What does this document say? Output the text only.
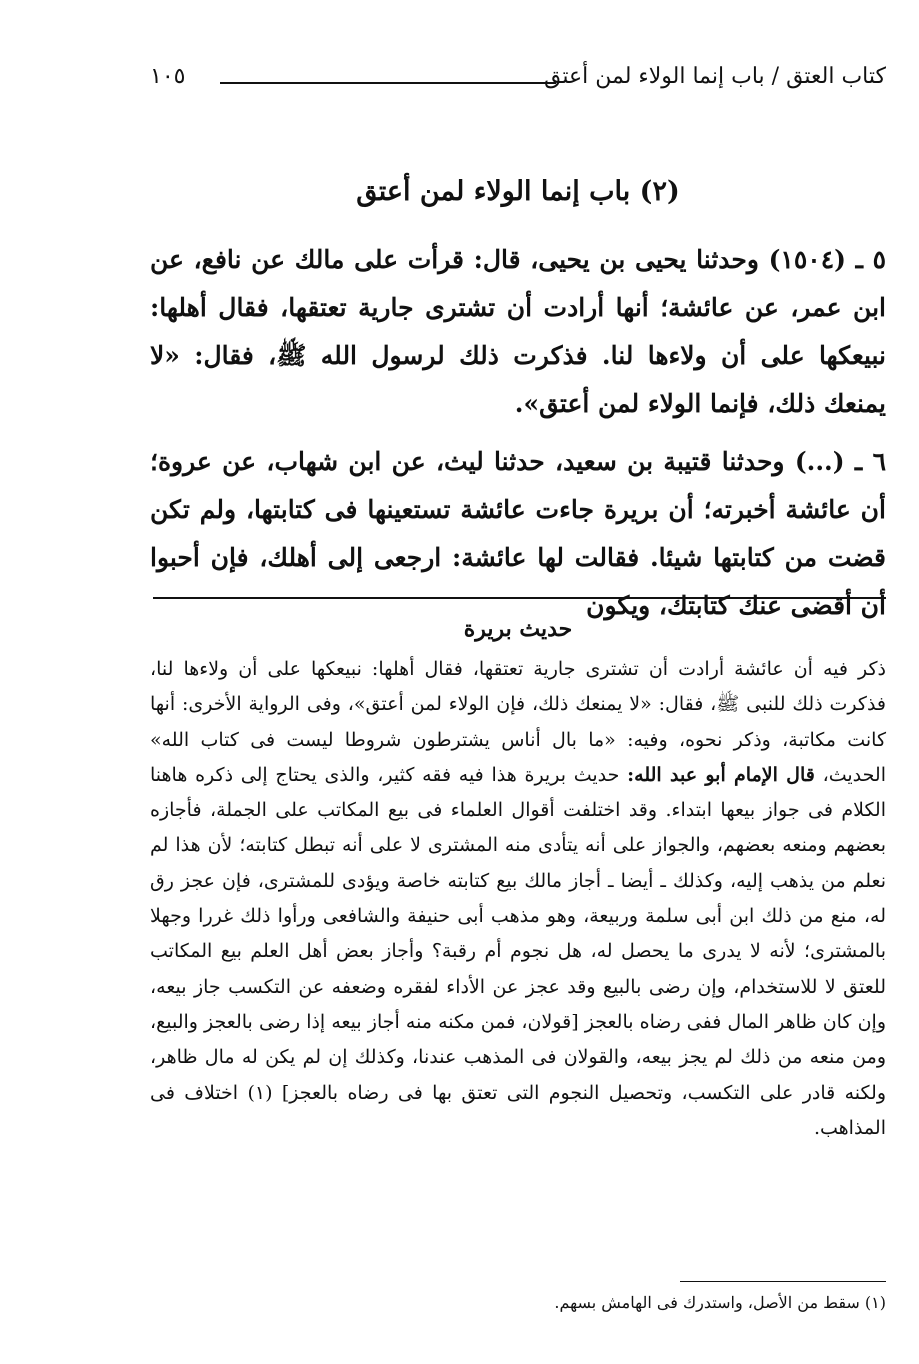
كتاب العتق / باب إنما الولاء لمن أعتق
١٠٥
(٢) باب إنما الولاء لمن أعتق
٥ ـ (١٥٠٤) وحدثنا يحيى بن يحيى، قال: قرأت على مالك عن نافع، عن ابن عمر، عن عائشة؛ أنها أرادت أن تشترى جارية تعتقها، فقال أهلها: نبيعكها على أن ولاءها لنا. فذكرت ذلك لرسول الله ﷺ، فقال: «لا يمنعك ذلك، فإنما الولاء لمن أعتق».
٦ ـ (...) وحدثنا قتيبة بن سعيد، حدثنا ليث، عن ابن شهاب، عن عروة؛ أن عائشة أخبرته؛ أن بريرة جاءت عائشة تستعينها فى كتابتها، ولم تكن قضت من كتابتها شيئا. فقالت لها عائشة: ارجعى إلى أهلك، فإن أحبوا أن أقضى عنك كتابتك، ويكون
حديث بريرة
ذكر فيه أن عائشة أرادت أن تشترى جارية تعتقها، فقال أهلها: نبيعكها على أن ولاءها لنا، فذكرت ذلك للنبى ﷺ، فقال: «لا يمنعك ذلك، فإن الولاء لمن أعتق»، وفى الرواية الأخرى: أنها كانت مكاتبة، وذكر نحوه، وفيه: «ما بال أناس يشترطون شروطا ليست فى كتاب الله» الحديث، قال الإمام أبو عبد الله: حديث بريرة هذا فيه فقه كثير، والذى يحتاج إلى ذكره هاهنا الكلام فى جواز بيعها ابتداء. وقد اختلفت أقوال العلماء فى بيع المكاتب على الجملة، فأجازه بعضهم ومنعه بعضهم، والجواز على أنه يتأدى منه المشترى لا على أنه تبطل كتابته؛ لأن هذا لم نعلم من يذهب إليه، وكذلك ـ أيضا ـ أجاز مالك بيع كتابته خاصة ويؤدى للمشترى، فإن عجز رق له، منع من ذلك ابن أبى سلمة وربيعة، وهو مذهب أبى حنيفة والشافعى ورأوا ذلك غررا وجهلا بالمشترى؛ لأنه لا يدرى ما يحصل له، هل نجوم أم رقبة؟ وأجاز بعض أهل العلم بيع المكاتب للعتق لا للاستخدام، وإن رضى بالبيع وقد عجز عن الأداء لفقره وضعفه عن التكسب جاز بيعه، وإن كان ظاهر المال ففى رضاه بالعجز [قولان، فمن مكنه منه أجاز بيعه إذا رضى بالعجز والبيع، ومن منعه من ذلك لم يجز بيعه، والقولان فى المذهب عندنا، وكذلك إن لم يكن له مال ظاهر، ولكنه قادر على التكسب، وتحصيل النجوم التى تعتق بها فى رضاه بالعجز] (١) اختلاف فى المذاهب.
(١) سقط من الأصل، واستدرك فى الهامش بسهم.
